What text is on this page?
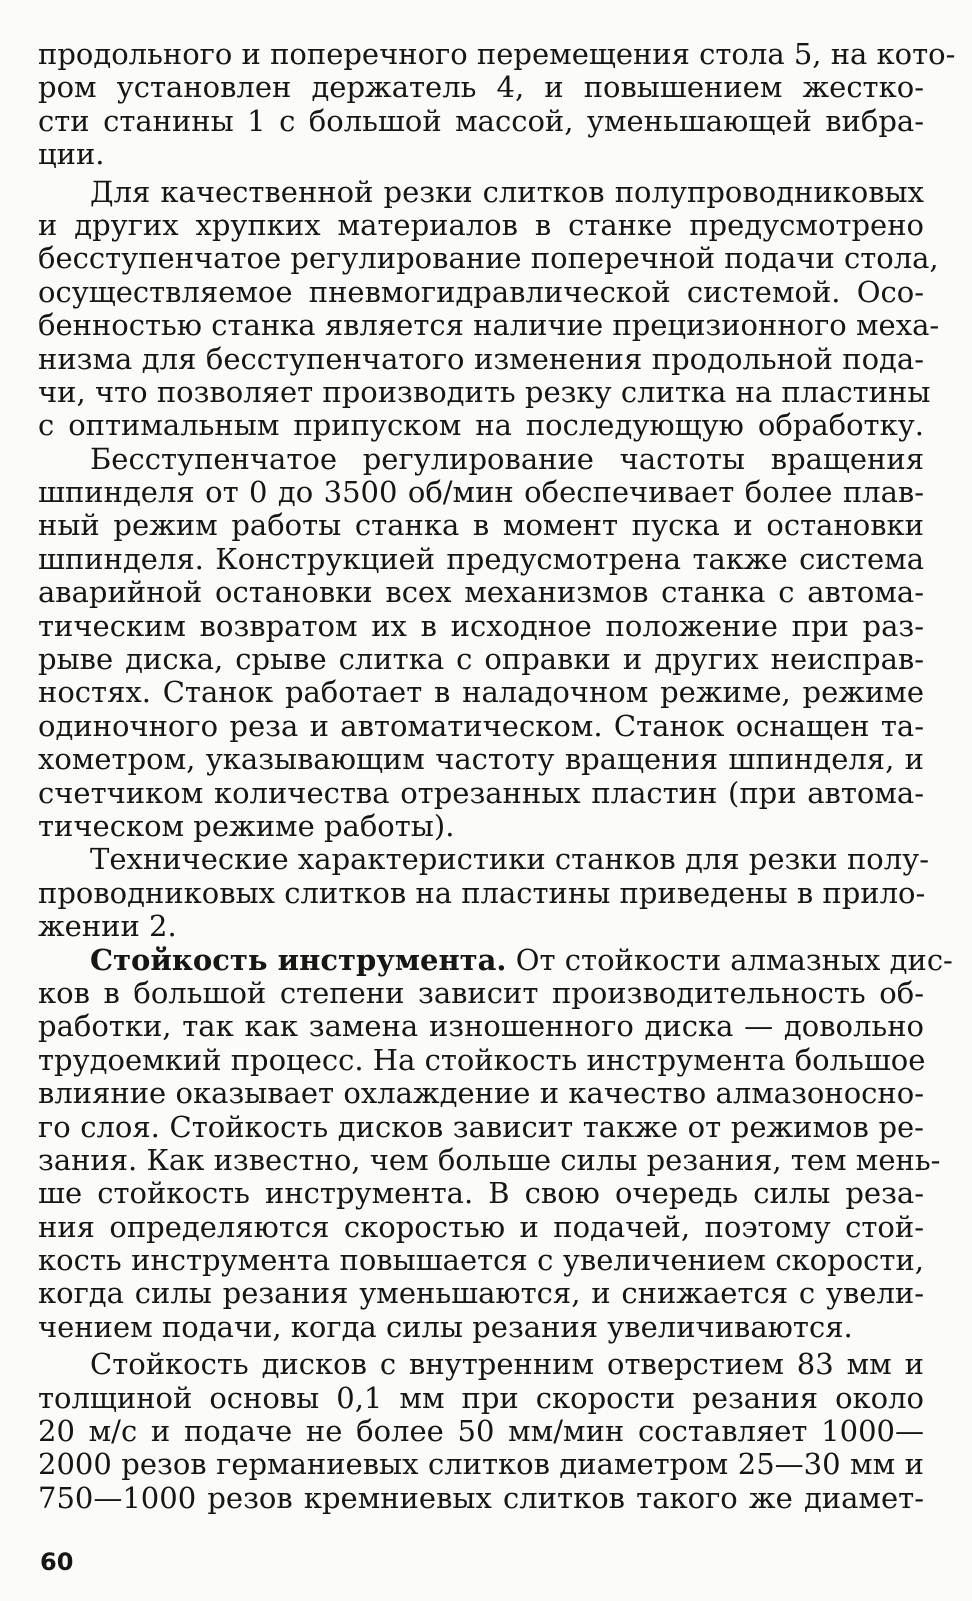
продольного и поперечного перемещения стола 5, на кото-
ром установлен держатель 4, и повышением жестко-
сти станины 1 с большой массой, уменьшающей вибра-
ции.
Для качественной резки слитков полупроводниковых
и других хрупких материалов в станке предусмотрено
бесступенчатое регулирование поперечной подачи стола,
осуществляемое пневмогидравлической системой. Осо-
бенностью станка является наличие прецизионного меха-
низма для бесступенчатого изменения продольной пода-
чи, что позволяет производить резку слитка на пластины
с оптимальным припуском на последующую обработку.
Бесступенчатое регулирование частоты вращения
шпинделя от 0 до 3500 об/мин обеспечивает более плав-
ный режим работы станка в момент пуска и остановки
шпинделя. Конструкцией предусмотрена также система
аварийной остановки всех механизмов станка с автома-
тическим возвратом их в исходное положение при раз-
рыве диска, срыве слитка с оправки и других неисправ-
ностях. Станок работает в наладочном режиме, режиме
одиночного реза и автоматическом. Станок оснащен та-
хометром, указывающим частоту вращения шпинделя, и
счетчиком количества отрезанных пластин (при автома-
тическом режиме работы).
Технические характеристики станков для резки полу-
проводниковых слитков на пластины приведены в прило-
жении 2.
Стойкость инструмента. От стойкости алмазных дис-
ков в большой степени зависит производительность об-
работки, так как замена изношенного диска — довольно
трудоемкий процесс. На стойкость инструмента большое
влияние оказывает охлаждение и качество алмазоносно-
го слоя. Стойкость дисков зависит также от режимов ре-
зания. Как известно, чем больше силы резания, тем мень-
ше стойкость инструмента. В свою очередь силы реза-
ния определяются скоростью и подачей, поэтому стой-
кость инструмента повышается с увеличением скорости,
когда силы резания уменьшаются, и снижается с увели-
чением подачи, когда силы резания увеличиваются.
Стойкость дисков с внутренним отверстием 83 мм и
толщиной основы 0,1 мм при скорости резания около
20 м/с и подаче не более 50 мм/мин составляет 1000—
2000 резов германиевых слитков диаметром 25—30 мм и
750—1000 резов кремниевых слитков такого же диамет-
60
